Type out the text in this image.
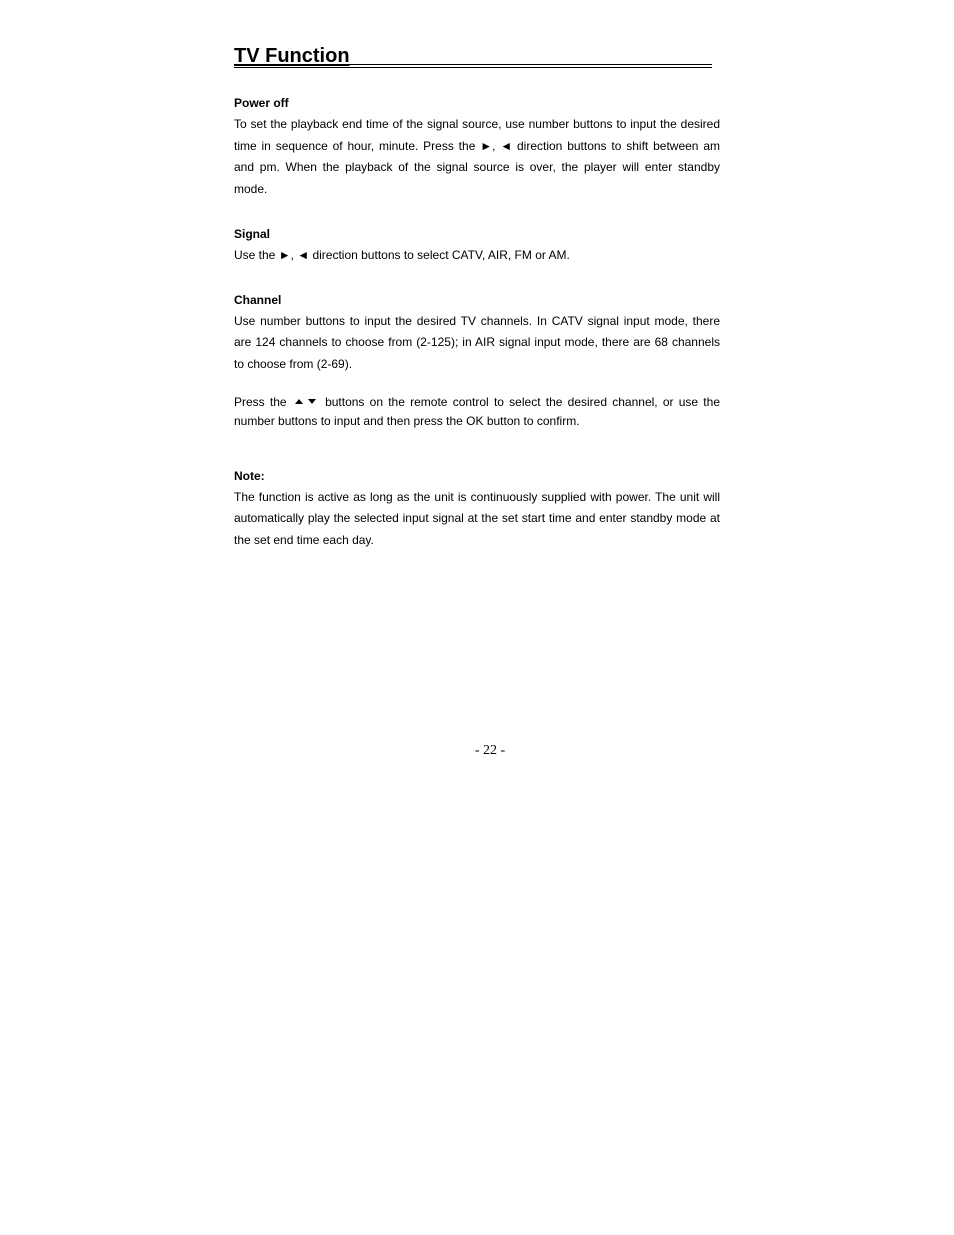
TV Function
Power off

To set the playback end time of the signal source, use number buttons to input the desired time in sequence of hour, minute. Press the ►, ◄ direction buttons to shift between am and pm. When the playback of the signal source is over, the player will enter standby mode.

Signal

Use the ►, ◄ direction buttons to select CATV, AIR, FM or AM.

Channel

Use number buttons to input the desired TV channels. In CATV signal input mode, there are 124 channels to choose from (2-125); in AIR signal input mode, there are 68 channels to choose from (2-69).

Press the	buttons on the remote control to select the desired channel, or use the number buttons to input and then press the OK button to confirm.

Note:

The function is active as long as the unit is continuously supplied with power. The unit will automatically play the selected input signal at the set start time and enter standby mode at the set end time each day.

- 22 -
